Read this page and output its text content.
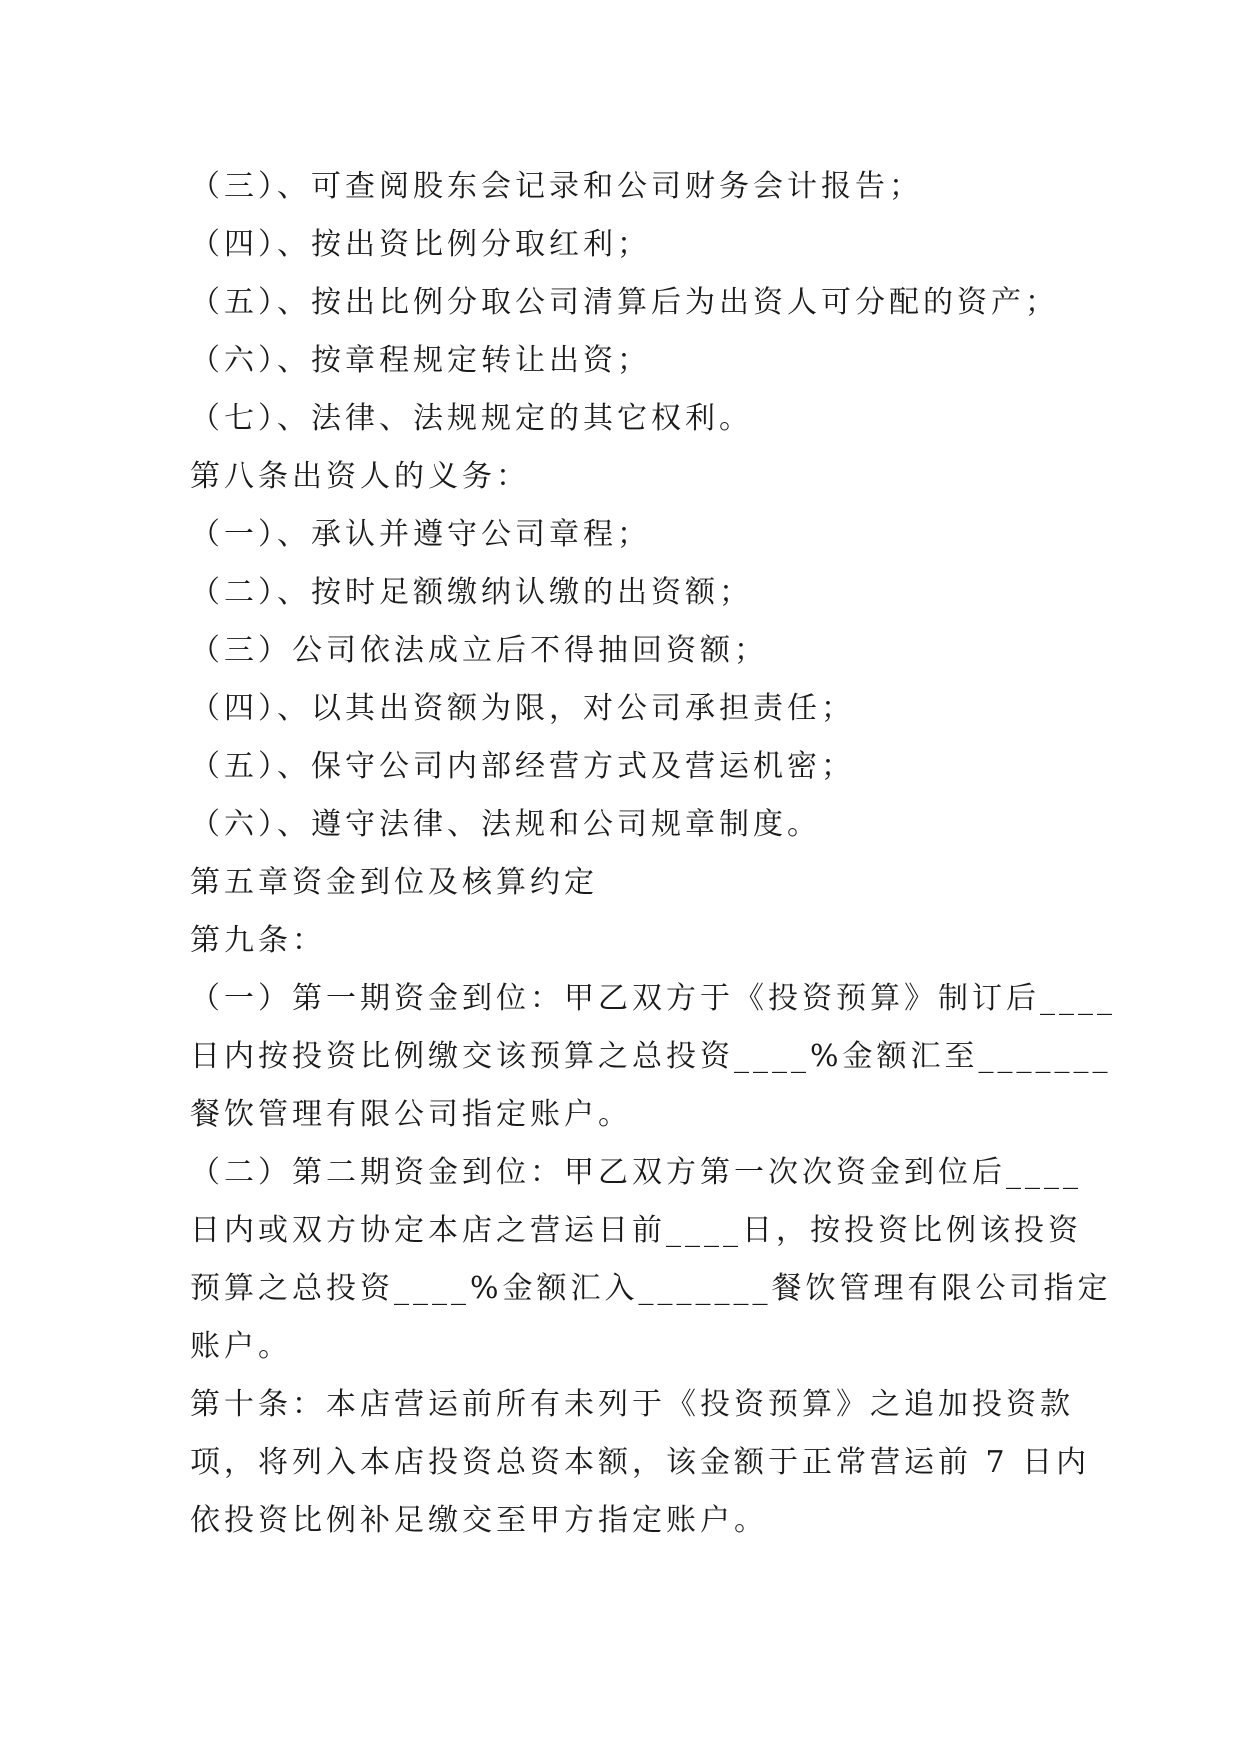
（三）、可查阅股东会记录和公司财务会计报告；
（四）、按出资比例分取红利；
（五）、按出比例分取公司清算后为出资人可分配的资产；
（六）、按章程规定转让出资；
（七）、法律、法规规定的其它权利。
第八条出资人的义务：
（一）、承认并遵守公司章程；
（二）、按时足额缴纳认缴的出资额；
（三）公司依法成立后不得抽回资额；
（四）、以其出资额为限，对公司承担责任；
（五）、保守公司内部经营方式及营运机密；
（六）、遵守法律、法规和公司规章制度。
第五章资金到位及核算约定
第九条：
（一）第一期资金到位：甲乙双方于《投资预算》制订后____
日内按投资比例缴交该预算之总投资____%金额汇至_______
餐饮管理有限公司指定账户。
（二）第二期资金到位：甲乙双方第一次次资金到位后____
日内或双方协定本店之营运日前____日，按投资比例该投资
预算之总投资____%金额汇入_______餐饮管理有限公司指定
账户。
第十条：本店营运前所有未列于《投资预算》之追加投资款
项，将列入本店投资总资本额，该金额于正常营运前 7 日内
依投资比例补足缴交至甲方指定账户。
